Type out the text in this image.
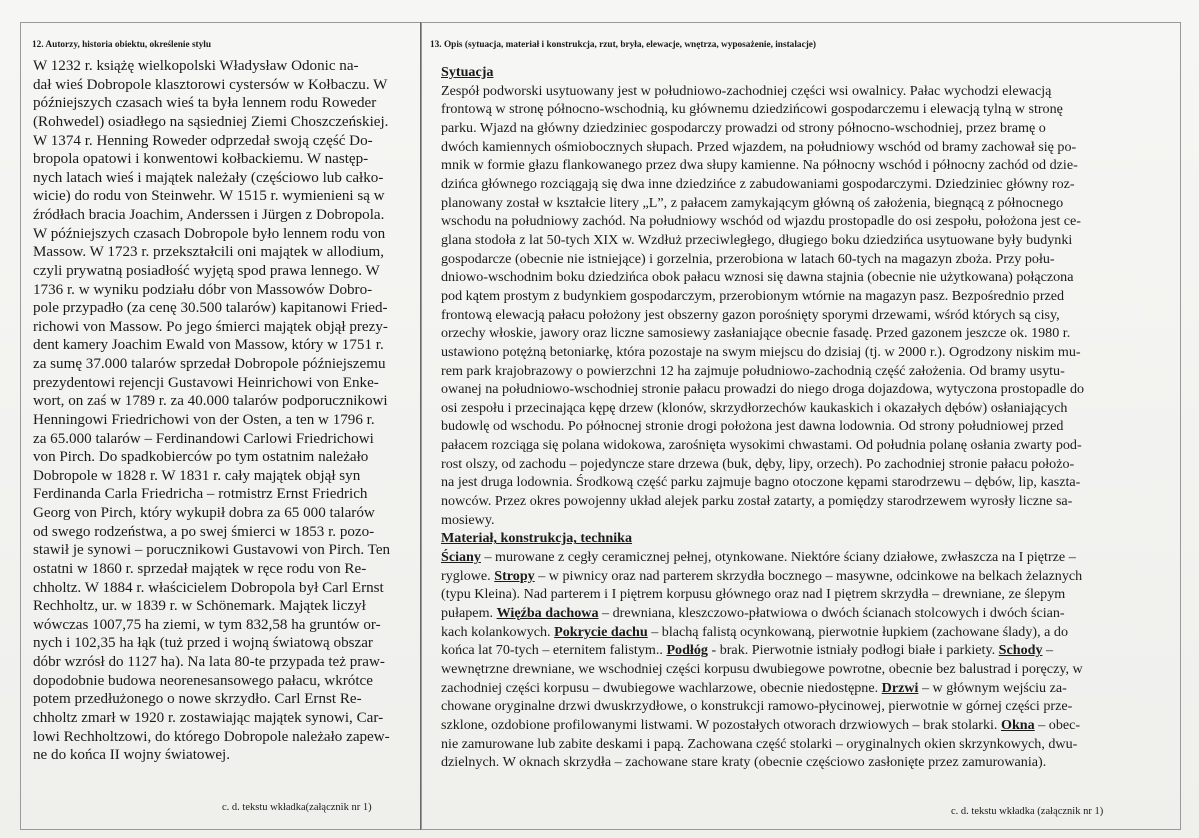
12. Autorzy, historia obiektu, określenie stylu	13. Opis (sytuacja, materiał i konstrukcja, rzut, bryła, elewacje, wnętrza, wyposażenie, instalacje)
W 1232 r. książę wielkopolski Władysław Odonic na-
dał wieś Dobropole klasztorowi cystersów w Kołbaczu. W
późniejszych czasach wieś ta była lennem rodu Roweder
(Rohwedel) osiadłego na sąsiedniej Ziemi Choszczeńskiej.
W 1374 r. Henning Roweder odprzedał swoją część Do-
bropola opatowi i konwentowi kołbackiemu. W następ-
nych latach wieś i majątek należały (częściowo lub całko-
wicie) do rodu von Steinwehr. W 1515 r. wymienieni są w
źródłach bracia Joachim, Anderssen i Jürgen z Dobropola.
W późniejszych czasach Dobropole było lennem rodu von
Massow. W 1723 r. przekształcili oni majątek w allodium,
czyli prywatną posiadłość wyjętą spod prawa lennego. W
1736 r. w wyniku podziału dóbr von Massowów Dobro-
pole przypadło (za cenę 30.500 talarów) kapitanowi Fried-
richowi von Massow. Po jego śmierci majątek objął prezy-
dent kamery Joachim Ewald von Massow, który w 1751 r.
za sumę 37.000 talarów sprzedał Dobropole późniejszemu
prezydentowi rejencji Gustavowi Heinrichowi von Enke-
wort, on zaś w 1789 r. za 40.000 talarów podporucznikowi
Henningowi Friedrichowi von der Osten, a ten w 1796 r.
za 65.000 talarów – Ferdinandowi Carlowi Friedrichowi
von Pirch. Do spadkobierców po tym ostatnim należało
Dobropole w 1828 r. W 1831 r. cały majątek objął syn
Ferdinanda Carla Friedricha – rotmistrz Ernst Friedrich
Georg von Pirch, który wykupił dobra za 65 000 talarów
od swego rodzeństwa, a po swej śmierci w 1853 r. pozo-
stawił je synowi – porucznikowi Gustavowi von Pirch. Ten
ostatni w 1860 r. sprzedał majątek w ręce rodu von Re-
chholtz. W 1884 r. właścicielem Dobropola był Carl Ernst
Rechholtz, ur. w 1839 r. w Schönemark. Majątek liczył
wówczas 1007,75 ha ziemi, w tym 832,58 ha gruntów or-
nych i 102,35 ha łąk (tuż przed i wojną światową obszar
dóbr wzrósł do 1127 ha). Na lata 80-te przypada też praw-
dopodobnie budowa neorenesansowego pałacu, wkrótce
potem przedłużonego o nowe skrzydło. Carl Ernst Re-
chholtz zmarł w 1920 r. zostawiając majątek synowi, Car-
lowi Rechholtzowi, do którego Dobropole należało zapew-
ne do końca II wojny światowej.
Sytuacja
Zespół podworski usytuowany jest w południowo-zachodniej części wsi owalnicy. Pałac wychodzi elewacją
frontową w stronę północno-wschodnią, ku głównemu dziedzińcowi gospodarczemu i elewacją tylną w stronę
parku. Wjazd na główny dziedziniec gospodarczy prowadzi od strony północno-wschodniej, przez bramę o
dwóch kamiennych ośmiobocznych słupach. Przed wjazdem, na południowy wschód od bramy zachował się po-
mnik w formie głazu flankowanego przez dwa słupy kamienne. Na północny wschód i północny zachód od dzie-
dzińca głównego rozciągają się dwa inne dziedzińce z zabudowaniami gospodarczymi. Dziedziniec główny roz-
planowany został w kształcie litery „L”, z pałacem zamykającym główną oś założenia, biegnącą z północnego
wschodu na południowy zachód. Na południowy wschód od wjazdu prostopadle do osi zespołu, położona jest ce-
glana stodoła z lat 50-tych XIX w. Wzdłuż przeciwległego, długiego boku dziedzińca usytuowane były budynki
gospodarcze (obecnie nie istniejące) i gorzelnia, przerobiona w latach 60-tych na magazyn zboża. Przy połu-
dniowo-wschodnim boku dziedzińca obok pałacu wznosi się dawna stajnia (obecnie nie użytkowana) połączona
pod kątem prostym z budynkiem gospodarczym, przerobionym wtórnie na magazyn pasz. Bezpośrednio przed
frontową elewacją pałacu położony jest obszerny gazon porośnięty sporymi drzewami, wśród których są cisy,
orzechy włoskie, jawory oraz liczne samosiewy zasłaniające obecnie fasadę. Przed gazonem jeszcze ok. 1980 r.
ustawiono potężną betoniarkę, która pozostaje na swym miejscu do dzisiaj (tj. w 2000 r.). Ogrodzony niskim mu-
rem park krajobrazowy o powierzchni 12 ha zajmuje południowo-zachodnią część założenia. Od bramy usytu-
owanej na południowo-wschodniej stronie pałacu prowadzi do niego droga dojazdowa, wytyczona prostopadle do
osi zespołu i przecinająca kępę drzew (klonów, skrzydłorzechów kaukaskich i okazałych dębów) osłaniających
budowlę od wschodu. Po północnej stronie drogi położona jest dawna lodownia. Od strony południowej przed
pałacem rozciąga się polana widokowa, zarośnięta wysokimi chwastami. Od południa polanę osłania zwarty pod-
rost olszy, od zachodu – pojedyncze stare drzewa (buk, dęby, lipy, orzech). Po zachodniej stronie pałacu położo-
na jest druga lodownia. Środkową część parku zajmuje bagno otoczone kępami starodrzewu – dębów, lip, kaszta-
nowców. Przez okres powojenny układ alejek parku został zatarty, a pomiędzy starodrzewem wyrosły liczne sa-
mosiewy.
Materiał, konstrukcja, technika
Ściany – murowane z cegły ceramicznej pełnej, otynkowane. Niektóre ściany działowe, zwłaszcza na I piętrze –
ryglowe. Stropy – w piwnicy oraz nad parterem skrzydła bocznego – masywne, odcinkowe na belkach żelaznych
(typu Kleina). Nad parterem i I piętrem korpusu głównego oraz nad I piętrem skrzydła – drewniane, ze ślepym
pułapem. Więźba dachowa – drewniana, kleszczowo-płatwiowa o dwóch ścianach stolcowych i dwóch ścian-
kach kolankowych. Pokrycie dachu – blachą falistą ocynkowaną, pierwotnie łupkiem (zachowane ślady), a do
końca lat 70-tych – eternitem falistym.. Podłóg - brak. Pierwotnie istniały podłogi białe i parkiety. Schody –
wewnętrzne drewniane, we wschodniej części korpusu dwubiegowe powrotne, obecnie bez balustrad i poręczy, w
zachodniej części korpusu – dwubiegowe wachlarzowe, obecnie niedostępne. Drzwi – w głównym wejściu za-
chowane oryginalne drzwi dwuskrzydłowe, o konstrukcji ramowo-płycinowej, pierwotnie w górnej części prze-
szklone, ozdobione profilowanymi listwami. W pozostałych otworach drzwiowych – brak stolarki. Okna – obec-
nie zamurowane lub zabite deskami i papą. Zachowana część stolarki – oryginalnych okien skrzynkowych, dwu-
dzielnych. W oknach skrzydła – zachowane stare kraty (obecnie częściowo zasłonięte przez zamurowania).
c. d. tekstu wkładka(załącznik nr 1)	c. d. tekstu wkładka (załącznik nr 1)
